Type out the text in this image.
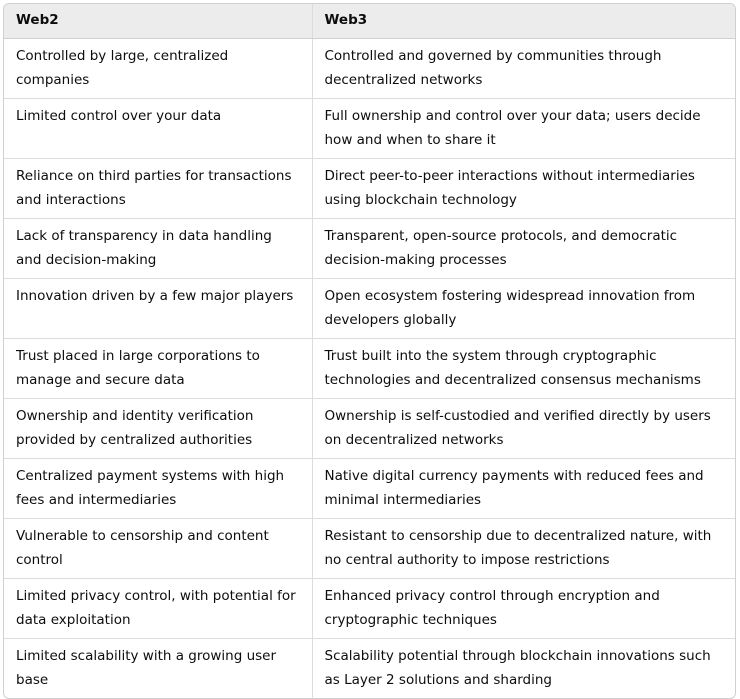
Web2	Web3
Controlled by large, centralized companies	Controlled and governed by communities through decentralized networks
Limited control over your data	Full ownership and control over your data; users decide how and when to share it
Reliance on third parties for transactions and interactions	Direct peer-to-peer interactions without intermediaries using blockchain technology
Lack of transparency in data handling and decision-making	Transparent, open-source protocols, and democratic decision-making processes
Innovation driven by a few major players	Open ecosystem fostering widespread innovation from developers globally
Trust placed in large corporations to manage and secure data	Trust built into the system through cryptographic technologies and decentralized consensus mechanisms
Ownership and identity verification provided by centralized authorities	Ownership is self-custodied and verified directly by users on decentralized networks
Centralized payment systems with high fees and intermediaries	Native digital currency payments with reduced fees and minimal intermediaries
Vulnerable to censorship and content control	Resistant to censorship due to decentralized nature, with no central authority to impose restrictions
Limited privacy control, with potential for data exploitation	Enhanced privacy control through encryption and cryptographic techniques
Limited scalability with a growing user base	Scalability potential through blockchain innovations such as Layer 2 solutions and sharding
